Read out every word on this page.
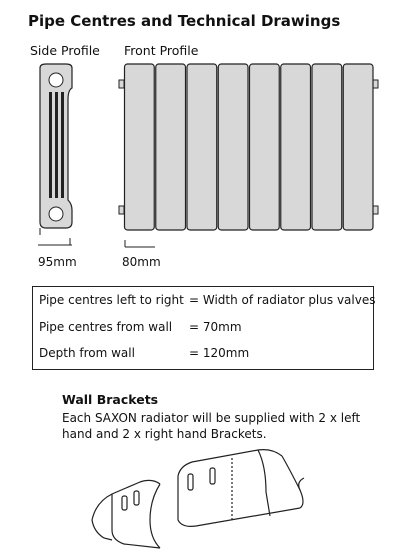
Pipe Centres and Technical Drawings
Side Profile Front Profile
95mm	80mm
Pipe centres left to right = Width of radiator plus valves
Pipe centres from wall = 70mm
Depth from wall	= 120mm
Wall Brackets
Each SAXON radiator will be supplied with 2 x left hand and 2 x right hand Brackets.
